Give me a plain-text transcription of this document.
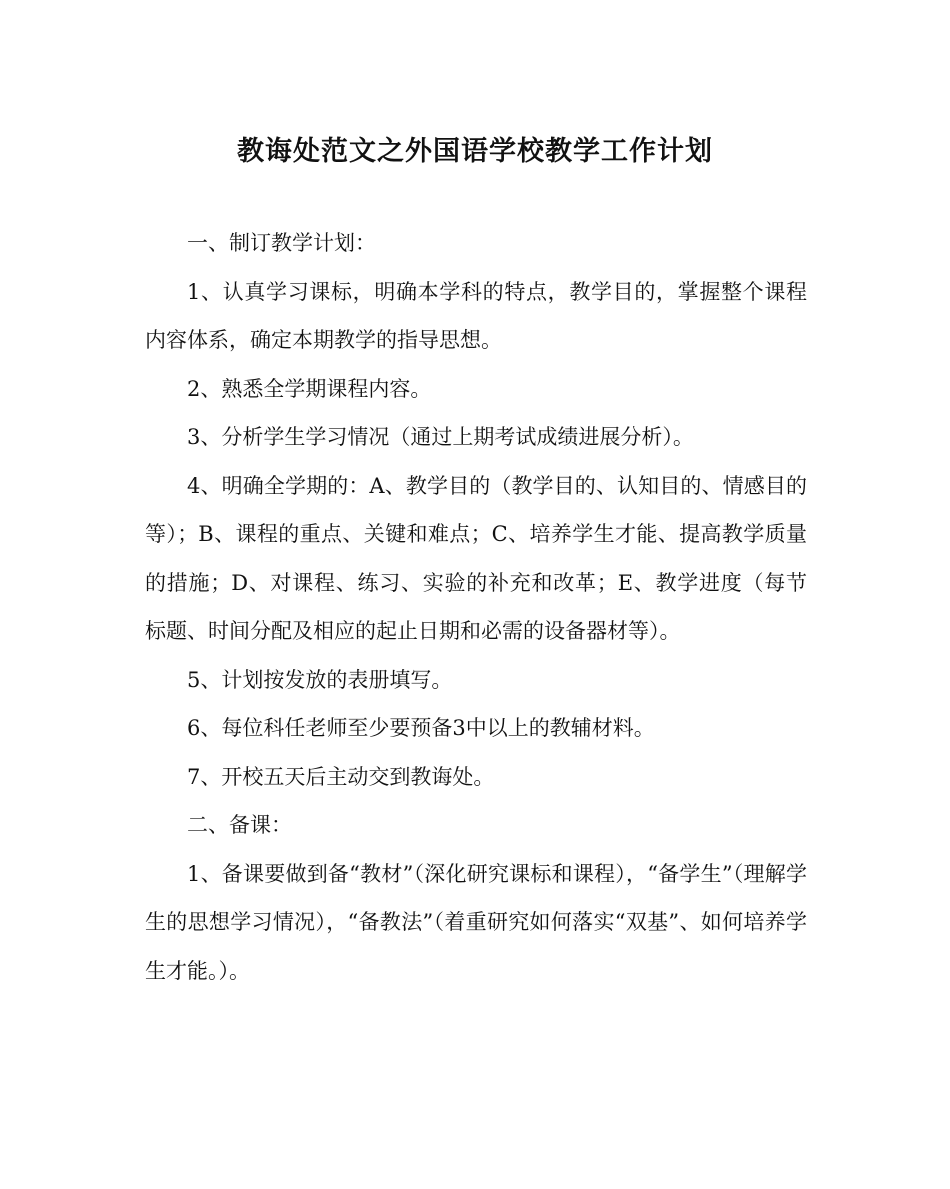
教诲处范文之外国语学校教学工作计划

一、制订教学计划：

1、认真学习课标，明确本学科的特点，教学目的，掌握整个课程内容体系，确定本期教学的指导思想。

2、熟悉全学期课程内容。

3、分析学生学习情况（通过上期考试成绩进展分析）。

4、明确全学期的：A、教学目的（教学目的、认知目的、情感目的等）；B、课程的重点、关键和难点；C、培养学生才能、提高教学质量的措施；D、对课程、练习、实验的补充和改革；E、教学进度（每节标题、时间分配及相应的起止日期和必需的设备器材等）。

5、计划按发放的表册填写。

6、每位科任老师至少要预备3中以上的教辅材料。

7、开校五天后主动交到教诲处。

二、备课：

1、备课要做到备“教材”（深化研究课标和课程），“备学生”（理解学生的思想学习情况），“备教法”（着重研究如何落实“双基”、如何培养学生才能。）。
